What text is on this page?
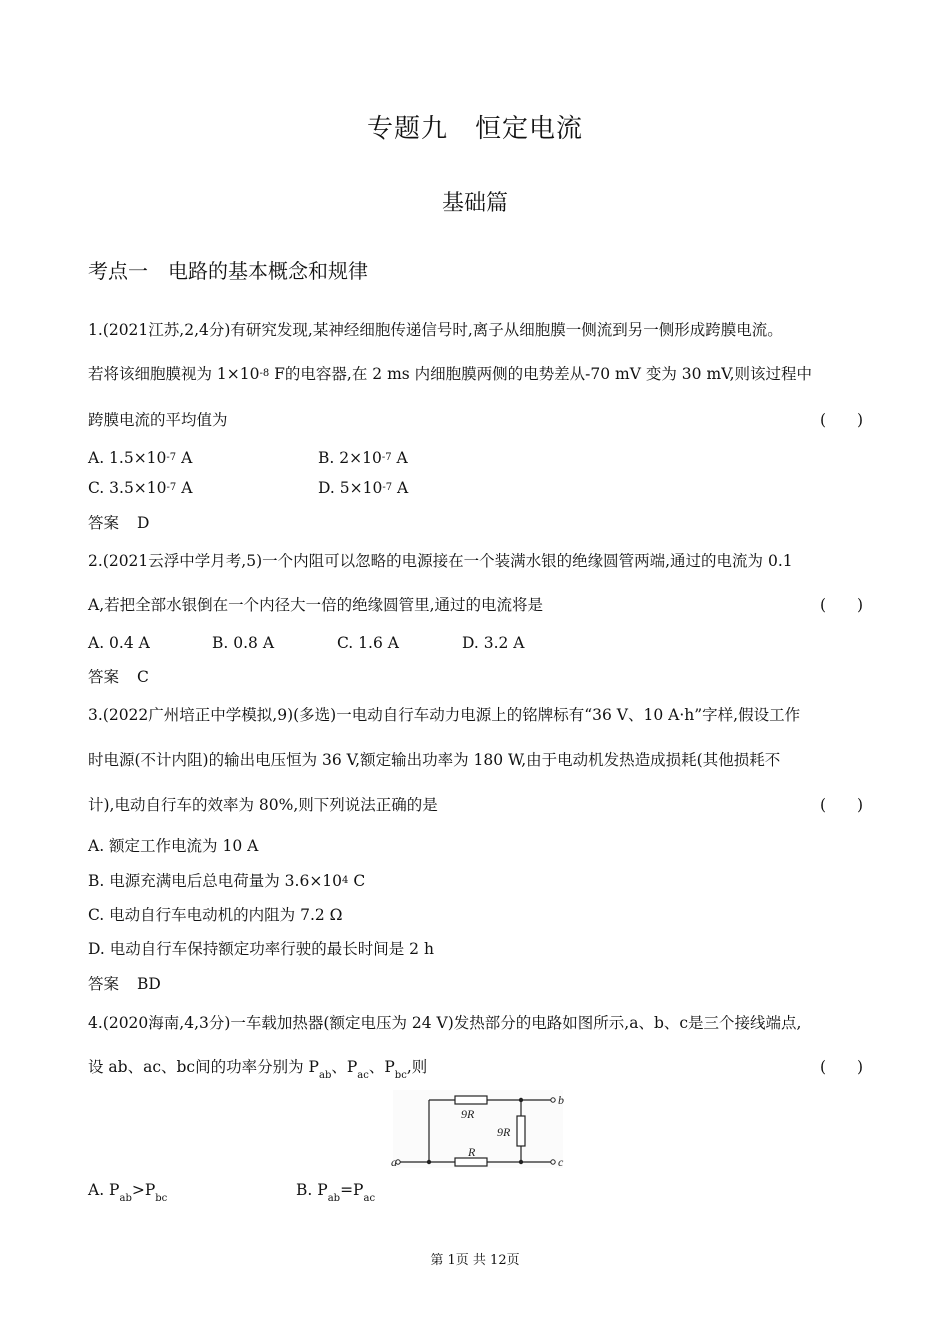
专题九　恒定电流
基础篇
考点一　电路的基本概念和规律
1.(2021江苏,2,4分)有研究发现,某神经细胞传递信号时,离子从细胞膜一侧流到另一侧形成跨膜电流。
若将该细胞膜视为 1×10-8 F的电容器,在 2 ms 内细胞膜两侧的电势差从-70 mV 变为 30 mV,则该过程中
跨膜电流的平均值为	(　　)
A. 1.5×10-7 A	B. 2×10-7 A
C. 3.5×10-7 A	D. 5×10-7 A
答案 D
2.(2021云浮中学月考,5)一个内阻可以忽略的电源接在一个装满水银的绝缘圆管两端,通过的电流为 0.1
A,若把全部水银倒在一个内径大一倍的绝缘圆管里,通过的电流将是	(　　)
A. 0.4 A	B. 0.8 A	C. 1.6 A	D. 3.2 A
答案 C
3.(2022广州培正中学模拟,9)(多选)一电动自行车动力电源上的铭牌标有“36 V、10 A·h”字样,假设工作
时电源(不计内阻)的输出电压恒为 36 V,额定输出功率为 180 W,由于电动机发热造成损耗(其他损耗不
计),电动自行车的效率为 80%,则下列说法正确的是	(　　)
A. 额定工作电流为 10 A
B. 电源充满电后总电荷量为 3.6×104 C
C. 电动自行车电动机的内阻为 7.2 Ω
D. 电动自行车保持额定功率行驶的最长时间是 2 h
答案 BD
4.(2020海南,4,3分)一车载加热器(额定电压为 24 V)发热部分的电路如图所示,a、b、c是三个接线端点,
设 ab、ac、bc间的功率分别为 $P_{ab}$、$P_{ac}$、$P_{bc}$,则	(　　)
9R
9R
R
a
b
c
A. $P_{ab}>P_{bc}$	B. $P_{ab}=P_{ac}$
第 1页 共 12页
